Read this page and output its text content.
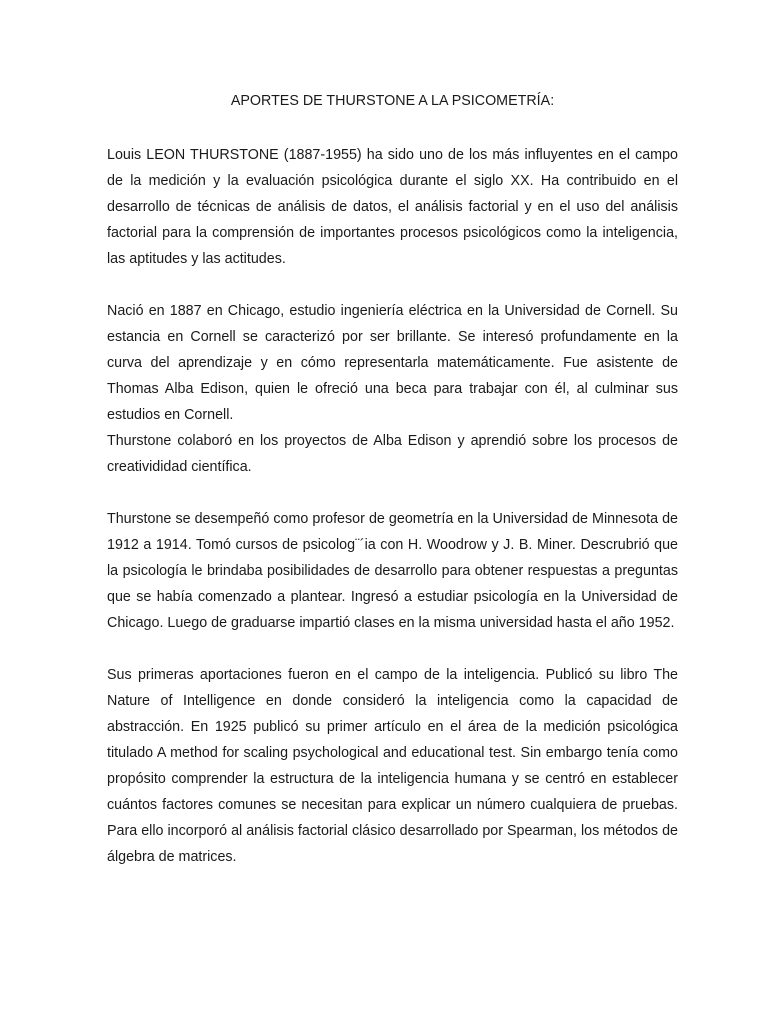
APORTES DE THURSTONE A LA PSICOMETRÍA:

Louis LEON THURSTONE (1887-1955) ha sido uno de los más influyentes en el campo de la medición y la evaluación psicológica durante el siglo XX. Ha contribuido en el desarrollo de técnicas de análisis de datos, el análisis factorial y en el uso del análisis factorial para la comprensión de importantes procesos psicológicos como la inteligencia, las aptitudes y las actitudes.

Nació en 1887 en Chicago, estudio ingeniería eléctrica en la Universidad de Cornell. Su estancia en Cornell se caracterizó por ser brillante. Se interesó profundamente en la curva del aprendizaje y en cómo representarla matemáticamente. Fue asistente de Thomas Alba Edison, quien le ofreció una beca para trabajar con él, al culminar sus estudios en Cornell.

Thurstone colaboró en los proyectos de Alba Edison y aprendió sobre los procesos de creativididad científica.

Thurstone se desempeñó como profesor de geometría en la Universidad de Minnesota de 1912 a 1914. Tomó cursos de psicolog¨´ia con H. Woodrow y J. B. Miner. Descrubrió que la psicología le brindaba posibilidades de desarrollo para obtener respuestas a preguntas que se había comenzado a plantear. Ingresó a estudiar psicología en la Universidad de Chicago. Luego de graduarse impartió clases en la misma universidad hasta el año 1952.

Sus primeras aportaciones fueron en el campo de la inteligencia. Publicó su libro The Nature of Intelligence en donde consideró la inteligencia como la capacidad de abstracción. En 1925 publicó su primer artículo en el área de la medición psicológica titulado A method for scaling psychological and educational test. Sin embargo tenía como propósito comprender la estructura de la inteligencia humana y se centró en establecer cuántos factores comunes se necesitan para explicar un número cualquiera de pruebas. Para ello incorporó al análisis factorial clásico desarrollado por Spearman, los métodos de álgebra de matrices.
